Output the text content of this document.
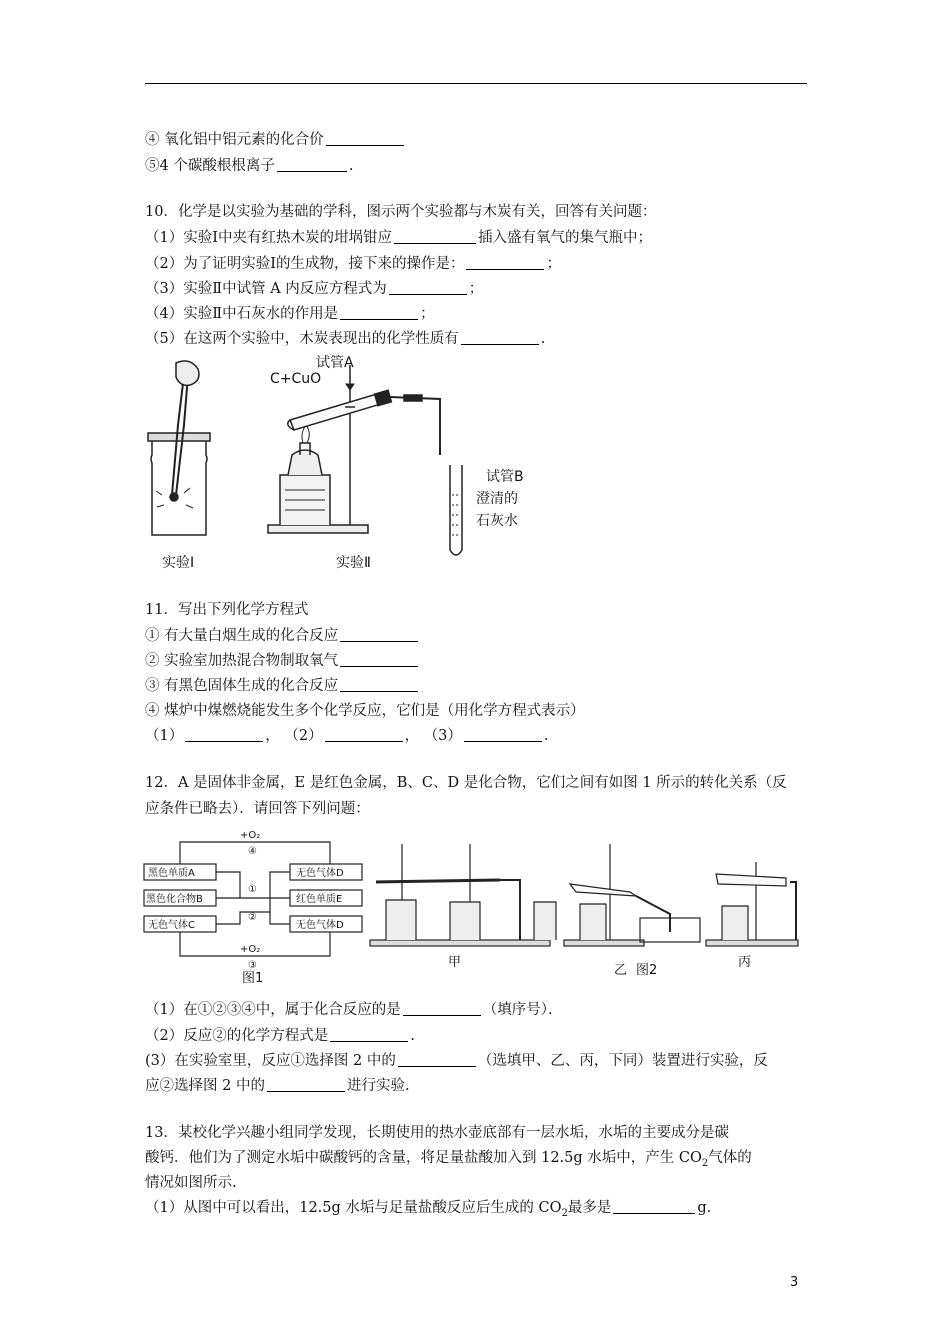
④ 氧化铝中铝元素的化合价
⑤4 个碳酸根根离子	.
10．化学是以实验为基础的学科，图示两个实验都与木炭有关，回答有关问题：
（1）实验Ⅰ中夹有红热木炭的坩埚钳应	插入盛有氧气的集气瓶中；
（2）为了证明实验Ⅰ的生成物，接下来的操作是：	；
（3）实验Ⅱ中试管 A 内反应方程式为	；
（4）实验Ⅱ中石灰水的作用是	；
（5）在这两个实验中，木炭表现出的化学性质有	.
试管A
C+CuO
试管B
澄清的
石灰水
实验Ⅰ	实验Ⅱ
11．写出下列化学方程式
① 有大量白烟生成的化合反应
② 实验室加热混合物制取氧气
③ 有黑色固体生成的化合反应
④ 煤炉中煤燃烧能发生多个化学反应，它们是（用化学方程式表示）
（1）	， （2）	， （3）	.
12．A 是固体非金属，E 是红色金属，B、C、D 是化合物，它们之间有如图 1 所示的转化关系（反
应条件已略去）．请回答下列问题：
+O₂
④
①
②
+O₂
③
黑色单质A
黑色化合物B
无色气体C
无色气体D
红色单质E
无色气体D
图1
甲
乙 图2
丙
（1）在①②③④中，属于化合反应的是	（填序号）．
（2）反应②的化学方程式是	.
(3）在实验室里，反应①选择图 2 中的	（选填甲、乙、丙，下同）装置进行实验，反
应②选择图 2 中的	进行实验.
13．某校化学兴趣小组同学发现，长期使用的热水壶底部有一层水垢，水垢的主要成分是碳
酸钙．他们为了测定水垢中碳酸钙的含量，将足量盐酸加入到 12.5g 水垢中，产生 $CO_2$气体的
情况如图所示.
（1）从图中可以看出，12.5g 水垢与足量盐酸反应后生成的 $CO_2$最多是	g.
3
